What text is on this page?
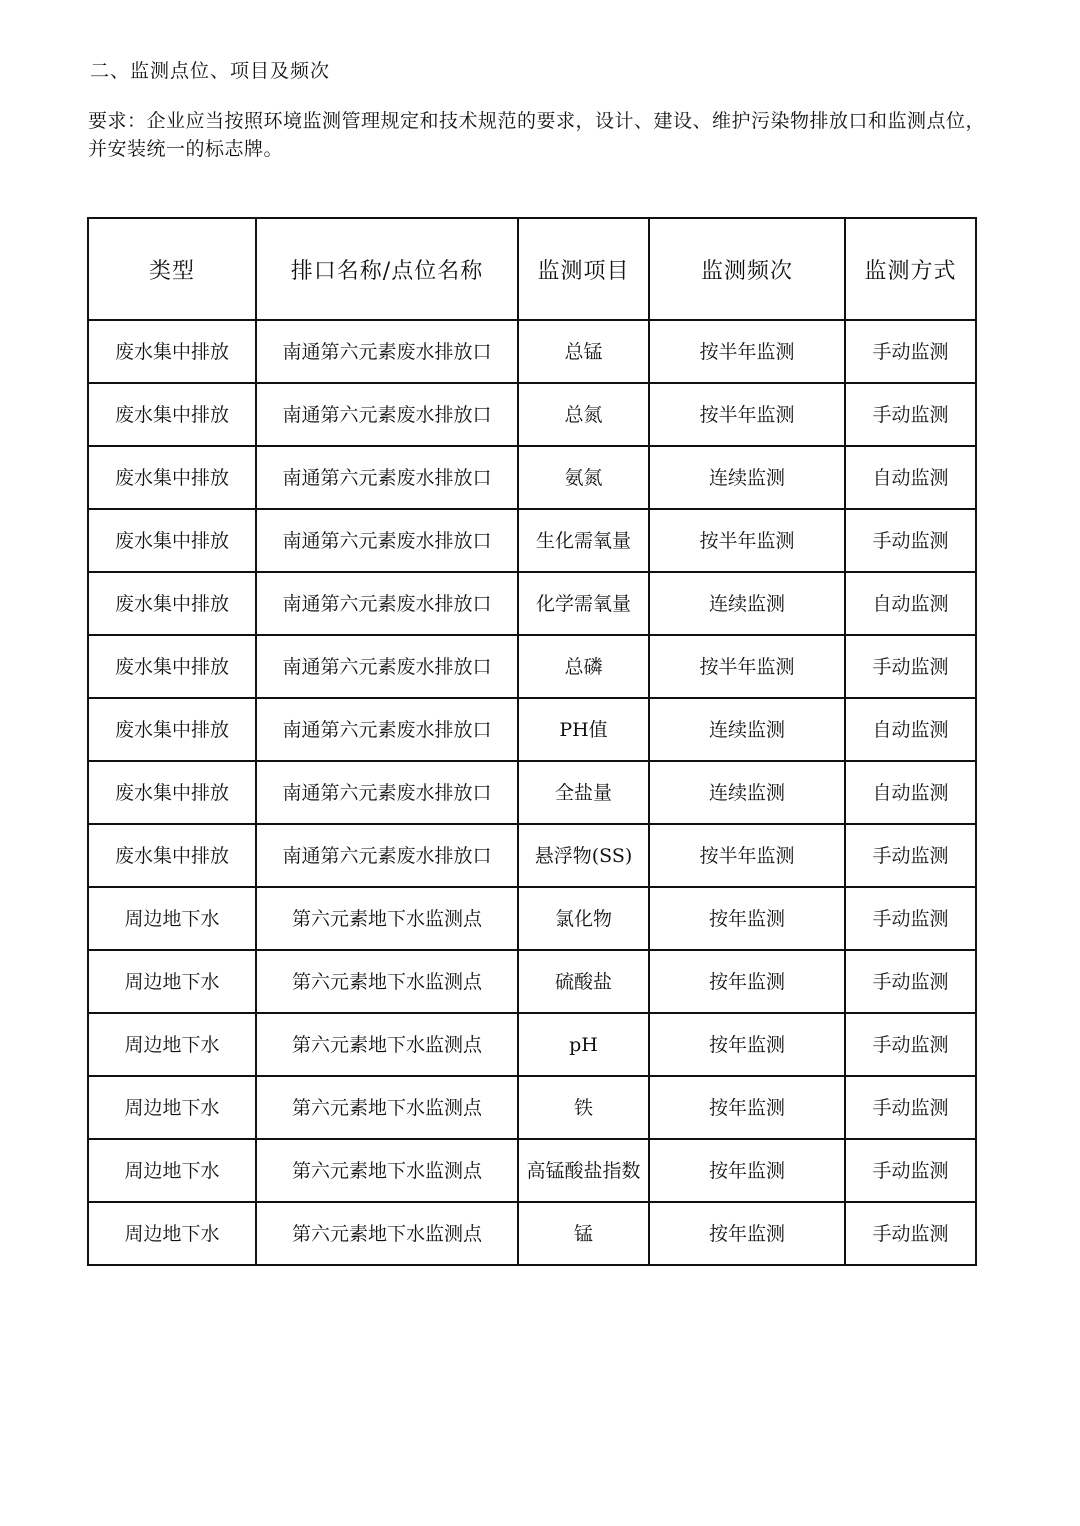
二、监测点位、项目及频次
要求：企业应当按照环境监测管理规定和技术规范的要求，设计、建设、维护污染物排放口和监测点位，并安装统一的标志牌。
类型	排口名称/点位名称	监测项目	监测频次	监测方式
废水集中排放	南通第六元素废水排放口	总锰	按半年监测	手动监测
废水集中排放	南通第六元素废水排放口	总氮	按半年监测	手动监测
废水集中排放	南通第六元素废水排放口	氨氮	连续监测	自动监测
废水集中排放	南通第六元素废水排放口	生化需氧量	按半年监测	手动监测
废水集中排放	南通第六元素废水排放口	化学需氧量	连续监测	自动监测
废水集中排放	南通第六元素废水排放口	总磷	按半年监测	手动监测
废水集中排放	南通第六元素废水排放口	PH值	连续监测	自动监测
废水集中排放	南通第六元素废水排放口	全盐量	连续监测	自动监测
废水集中排放	南通第六元素废水排放口	悬浮物(SS)	按半年监测	手动监测
周边地下水	第六元素地下水监测点	氯化物	按年监测	手动监测
周边地下水	第六元素地下水监测点	硫酸盐	按年监测	手动监测
周边地下水	第六元素地下水监测点	pH	按年监测	手动监测
周边地下水	第六元素地下水监测点	铁	按年监测	手动监测
周边地下水	第六元素地下水监测点	高锰酸盐指数	按年监测	手动监测
周边地下水	第六元素地下水监测点	锰	按年监测	手动监测
